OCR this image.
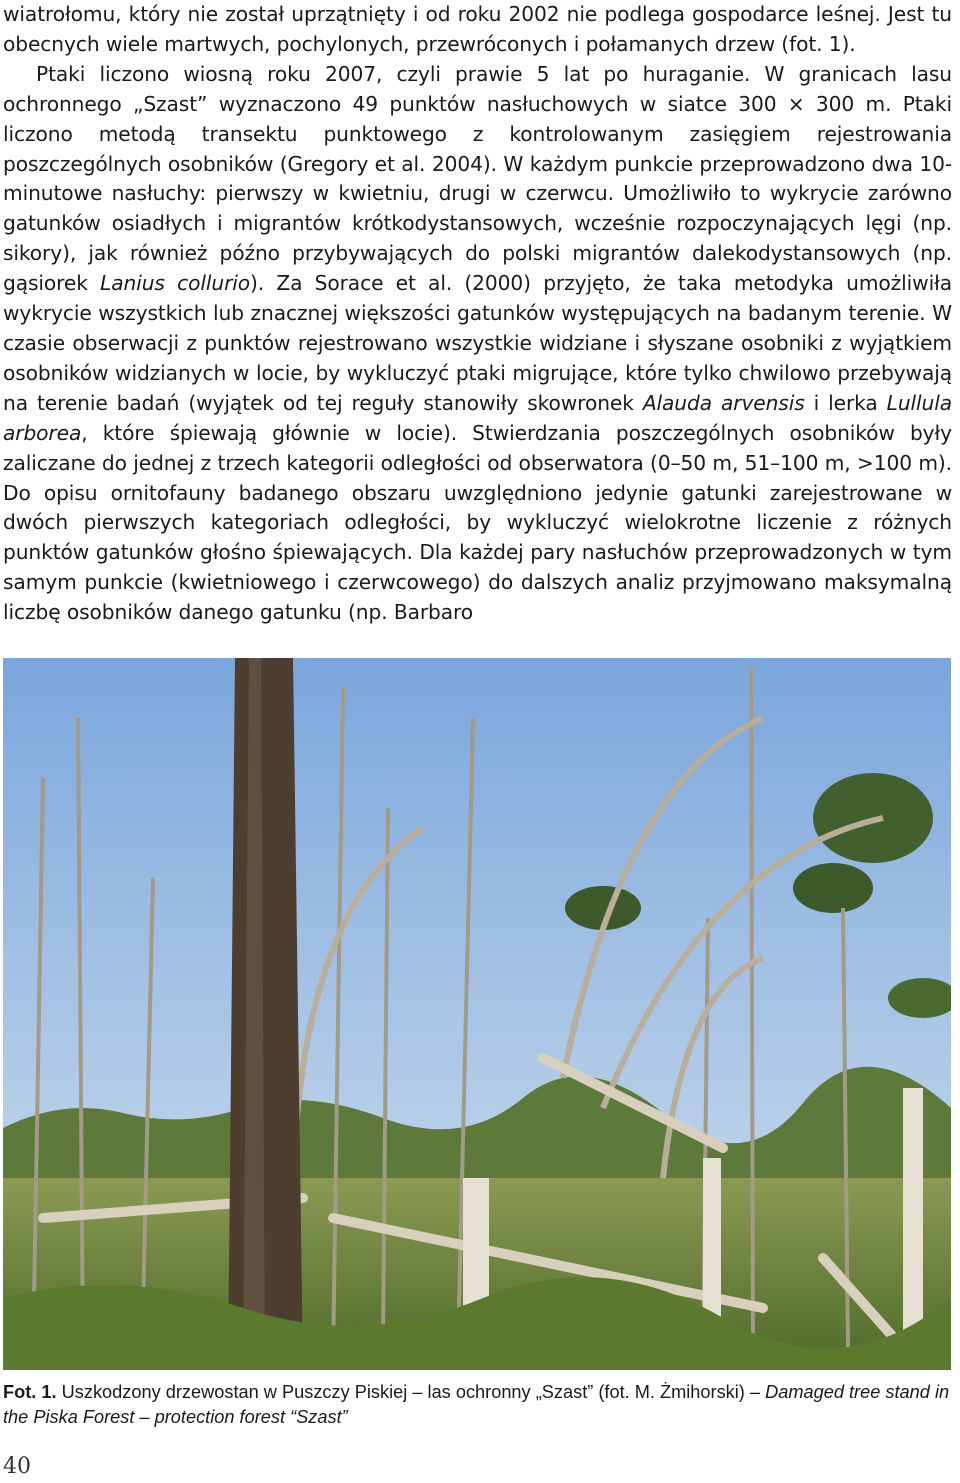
wiatrołomu, który nie został uprzątnięty i od roku 2002 nie podlega gospodarce leśnej. Jest tu obecnych wiele martwych, pochylonych, przewróconych i połamanych drzew (fot. 1).

Ptaki liczono wiosną roku 2007, czyli prawie 5 lat po huraganie. W granicach lasu ochronnego „Szast” wyznaczono 49 punktów nasłuchowych w siatce 300 × 300 m. Ptaki liczono metodą transektu punktowego z kontrolowanym zasięgiem rejestrowania poszczególnych osobników (Gregory et al. 2004). W każdym punkcie przeprowadzono dwa 10-minutowe nasłuchy: pierwszy w kwietniu, drugi w czerwcu. Umożliwiło to wykrycie zarówno gatunków osiadłych i migrantów krótkodystansowych, wcześnie rozpoczynających lęgi (np. sikory), jak również późno przybywających do polski migrantów dalekodystansowych (np. gąsiorek Lanius collurio). Za Sorace et al. (2000) przyjęto, że taka metodyka umożliwiła wykrycie wszystkich lub znacznej większości gatunków występujących na badanym terenie. W czasie obserwacji z punktów rejestrowano wszystkie widziane i słyszane osobniki z wyjątkiem osobników widzianych w locie, by wykluczyć ptaki migrujące, które tylko chwilowo przebywają na terenie badań (wyjątek od tej reguły stanowiły skowronek Alauda arvensis i lerka Lullula arborea, które śpiewają głównie w locie). Stwierdzania poszczególnych osobników były zaliczane do jednej z trzech kategorii odległości od obserwatora (0–50 m, 51–100 m, >100 m). Do opisu ornitofauny badanego obszaru uwzględniono jedynie gatunki zarejestrowane w dwóch pierwszych kategoriach odległości, by wykluczyć wielokrotne liczenie z różnych punktów gatunków głośno śpiewających. Dla każdej pary nasłuchów przeprowadzonych w tym samym punkcie (kwietniowego i czerwcowego) do dalszych analiz przyjmowano maksymalną liczbę osobników danego gatunku (np. Barbaro

Fot. 1. Uszkodzony drzewostan w Puszczy Piskiej – las ochronny „Szast” (fot. M. Żmihorski) – Damaged tree stand in the Piska Forest – protection forest “Szast”
40
